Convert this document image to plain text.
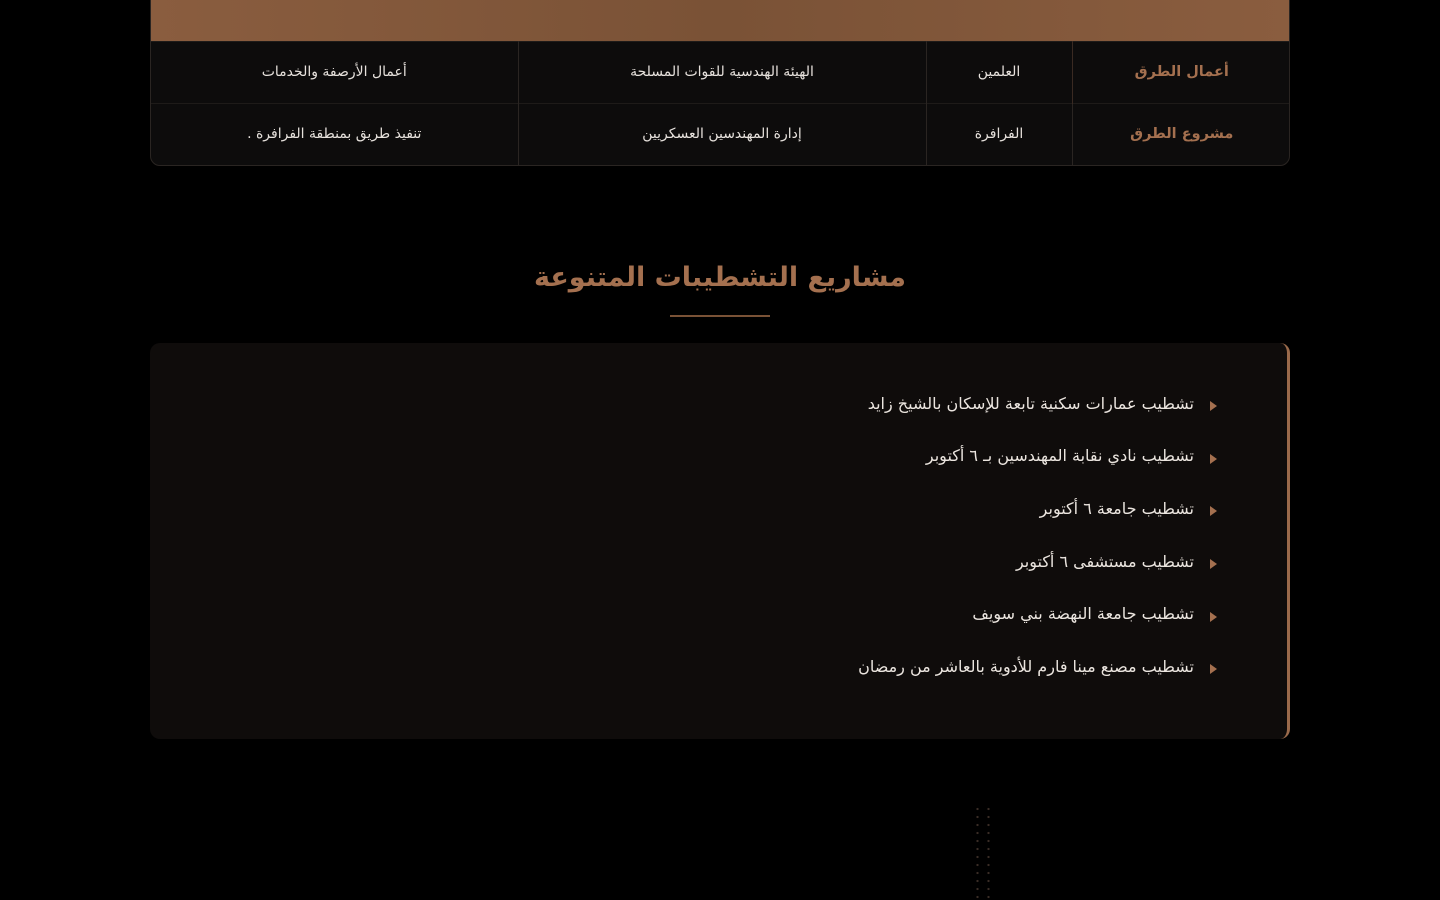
أعمال الطرق	العلمين	الهيئة الهندسية للقوات المسلحة	أعمال الأرصفة والخدمات
مشروع الطرق	الفرافرة	إدارة المهندسين العسكريين	تنفيذ طريق بمنطقة الفرافرة .
مشاريع التشطيبات المتنوعة
تشطيب عمارات سكنية تابعة للإسكان بالشيخ زايد
تشطيب نادي نقابة المهندسين بـ ٦ أكتوبر
تشطيب جامعة ٦ أكتوبر
تشطيب مستشفى ٦ أكتوبر
تشطيب جامعة النهضة بني سويف
تشطيب مصنع مينا فارم للأدوية بالعاشر من رمضان
